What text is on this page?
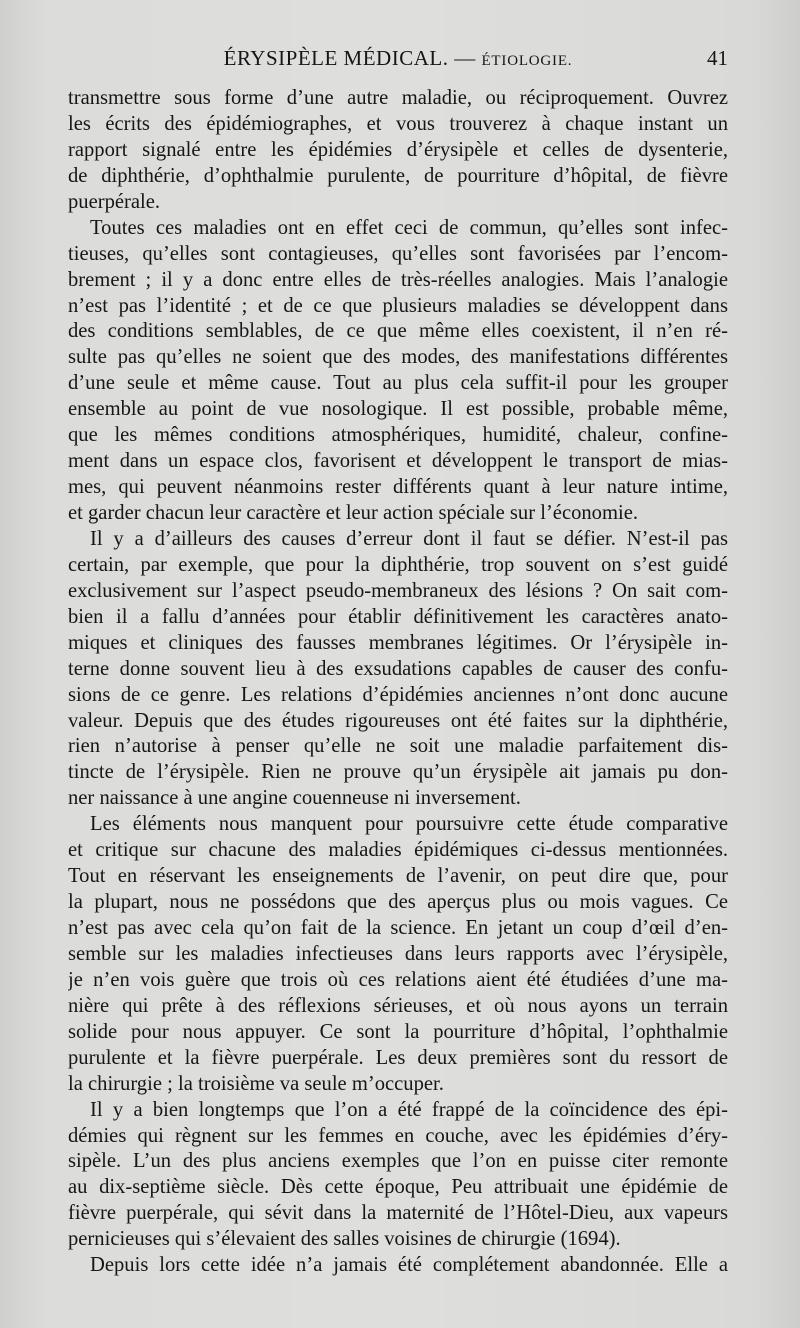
ÉRYSIPÈLE MÉDICAL. — ÉTIOLOGIE.	41
transmettre sous forme d’une autre maladie, ou réciproquement. Ouvrez
les écrits des épidémiographes, et vous trouverez à chaque instant un
rapport signalé entre les épidémies d’érysipèle et celles de dysenterie,
de diphthérie, d’ophthalmie purulente, de pourriture d’hôpital, de fièvre
puerpérale.
Toutes ces maladies ont en effet ceci de commun, qu’elles sont infec-
tieuses, qu’elles sont contagieuses, qu’elles sont favorisées par l’encom-
brement ; il y a donc entre elles de très-réelles analogies. Mais l’analogie
n’est pas l’identité ; et de ce que plusieurs maladies se développent dans
des conditions semblables, de ce que même elles coexistent, il n’en ré-
sulte pas qu’elles ne soient que des modes, des manifestations différentes
d’une seule et même cause. Tout au plus cela suffit-il pour les grouper
ensemble au point de vue nosologique. Il est possible, probable même,
que les mêmes conditions atmosphériques, humidité, chaleur, confine-
ment dans un espace clos, favorisent et développent le transport de mias-
mes, qui peuvent néanmoins rester différents quant à leur nature intime,
et garder chacun leur caractère et leur action spéciale sur l’économie.
Il y a d’ailleurs des causes d’erreur dont il faut se défier. N’est-il pas
certain, par exemple, que pour la diphthérie, trop souvent on s’est guidé
exclusivement sur l’aspect pseudo-membraneux des lésions ? On sait com-
bien il a fallu d’années pour établir définitivement les caractères anato-
miques et cliniques des fausses membranes légitimes. Or l’érysipèle in-
terne donne souvent lieu à des exsudations capables de causer des confu-
sions de ce genre. Les relations d’épidémies anciennes n’ont donc aucune
valeur. Depuis que des études rigoureuses ont été faites sur la diphthérie,
rien n’autorise à penser qu’elle ne soit une maladie parfaitement dis-
tincte de l’érysipèle. Rien ne prouve qu’un érysipèle ait jamais pu don-
ner naissance à une angine couenneuse ni inversement.
Les éléments nous manquent pour poursuivre cette étude comparative
et critique sur chacune des maladies épidémiques ci-dessus mentionnées.
Tout en réservant les enseignements de l’avenir, on peut dire que, pour
la plupart, nous ne possédons que des aperçus plus ou mois vagues. Ce
n’est pas avec cela qu’on fait de la science. En jetant un coup d’œil d’en-
semble sur les maladies infectieuses dans leurs rapports avec l’érysipèle,
je n’en vois guère que trois où ces relations aient été étudiées d’une ma-
nière qui prête à des réflexions sérieuses, et où nous ayons un terrain
solide pour nous appuyer. Ce sont la pourriture d’hôpital, l’ophthalmie
purulente et la fièvre puerpérale. Les deux premières sont du ressort de
la chirurgie ; la troisième va seule m’occuper.
Il y a bien longtemps que l’on a été frappé de la coïncidence des épi-
démies qui règnent sur les femmes en couche, avec les épidémies d’éry-
sipèle. L’un des plus anciens exemples que l’on en puisse citer remonte
au dix-septième siècle. Dès cette époque, Peu attribuait une épidémie de
fièvre puerpérale, qui sévit dans la maternité de l’Hôtel-Dieu, aux vapeurs
pernicieuses qui s’élevaient des salles voisines de chirurgie (1694).
Depuis lors cette idée n’a jamais été complétement abandonnée. Elle a
